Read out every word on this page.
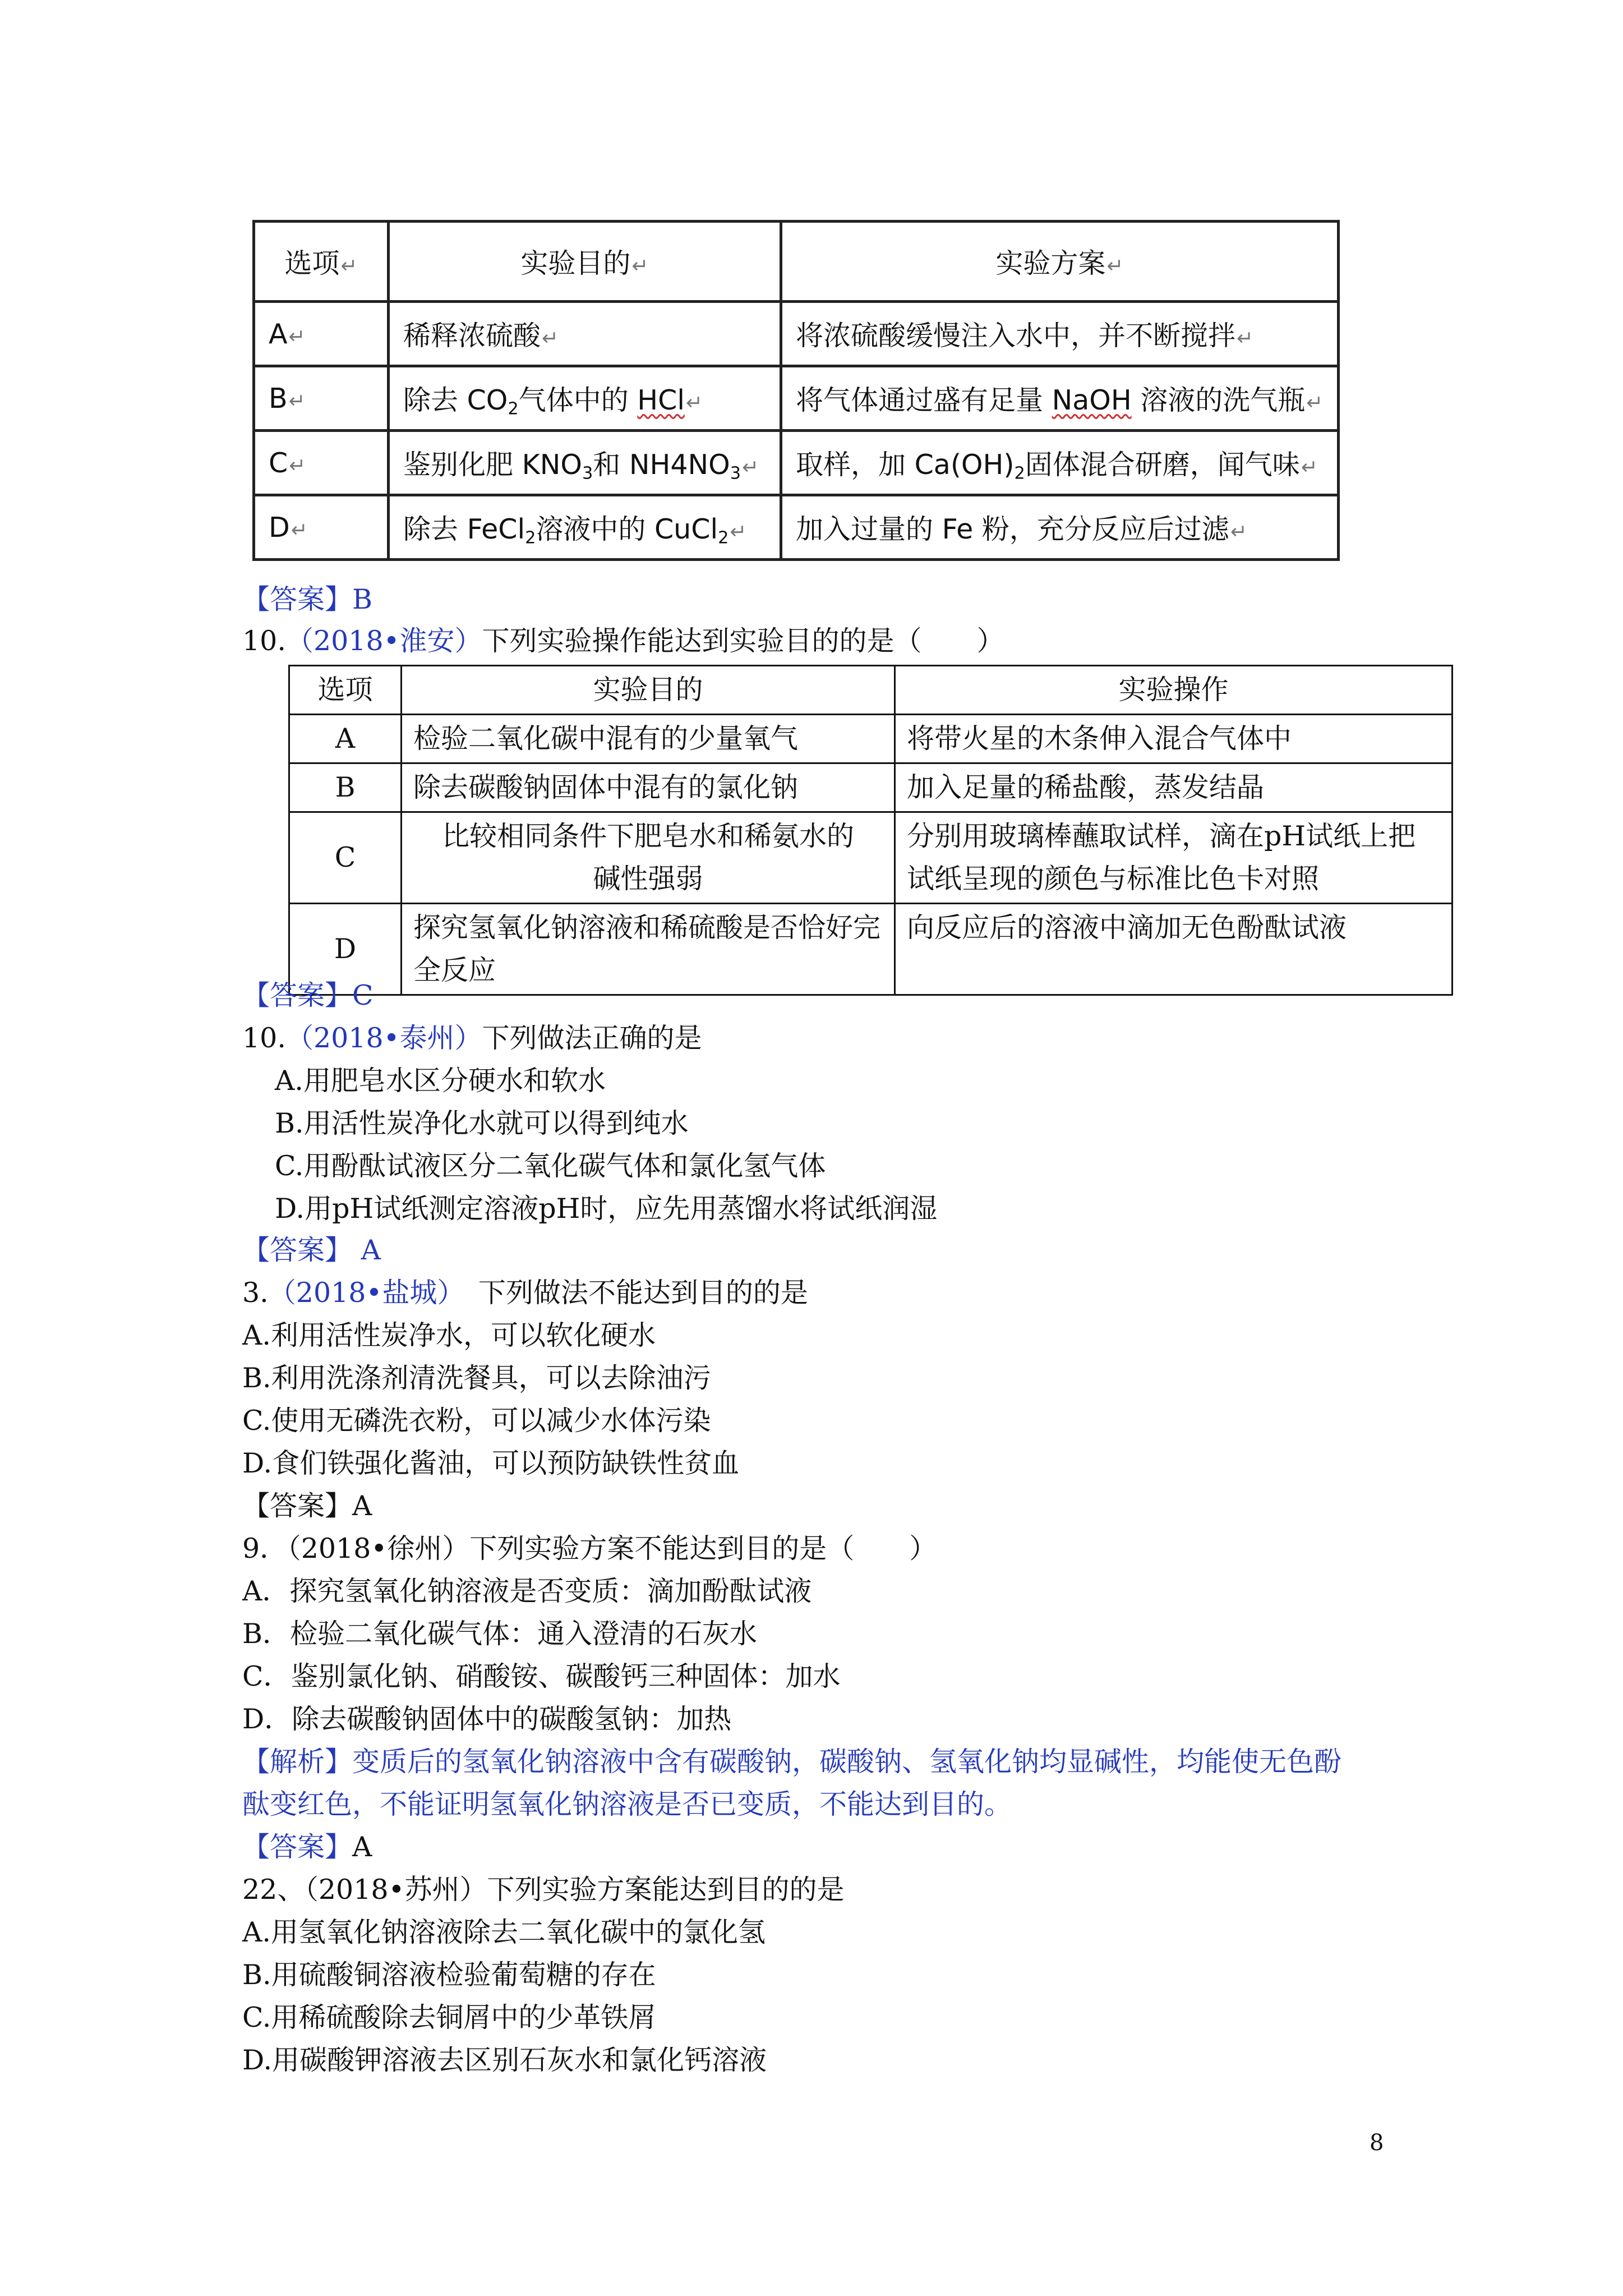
选项↵	实验目的↵	实验方案↵
A↵	稀释浓硫酸↵	将浓硫酸缓慢注入水中，并不断搅拌↵
B↵	除去 $CO_2$气体中的 HCl↵	将气体通过盛有足量 NaOH 溶液的洗气瓶↵
C↵	鉴别化肥 $KNO_3$和 $NH4NO_3↵$	取样，加 $Ca(OH)_2$固体混合研磨，闻气味↵
D↵	除去 FeCl$_2$溶液中的 CuCl$_2$↵	加入过量的 Fe 粉，充分反应后过滤↵
【答案】B
10.（2018•淮安）下列实验操作能达到实验目的的是（　　）
选项	实验目的	实验操作
A	检验二氧化碳中混有的少量氧气	将带火星的木条伸入混合气体中
B	除去碳酸钠固体中混有的氯化钠	加入足量的稀盐酸，蒸发结晶
C	比较相同条件下肥皂水和稀氨水的碱性强弱	分别用玻璃棒蘸取试样，滴在pH试纸上把试纸呈现的颜色与标准比色卡对照
D	探究氢氧化钠溶液和稀硫酸是否恰好完全反应	向反应后的溶液中滴加无色酚酞试液
【答案】C
10.（2018•泰州）下列做法正确的是
A.用肥皂水区分硬水和软水
B.用活性炭净化水就可以得到纯水
C.用酚酞试液区分二氧化碳气体和氯化氢气体
D.用pH试纸测定溶液pH时，应先用蒸馏水将试纸润湿
【答案】 A
3.（2018•盐城）　下列做法不能达到目的的是
A.利用活性炭净水，可以软化硬水
B.利用洗涤剂清洗餐具，可以去除油污
C.使用无磷洗衣粉，可以减少水体污染
D.食们铁强化酱油，可以预防缺铁性贫血
【答案】A
9．（2018•徐州）下列实验方案不能达到目的是（　　）
A．探究氢氧化钠溶液是否变质：滴加酚酞试液
B．检验二氧化碳气体：通入澄清的石灰水
C．鉴别氯化钠、硝酸铵、碳酸钙三种固体：加水
D．除去碳酸钠固体中的碳酸氢钠：加热
【解析】变质后的氢氧化钠溶液中含有碳酸钠，碳酸钠、氢氧化钠均显碱性，均能使无色酚
酞变红色，不能证明氢氧化钠溶液是否已变质，不能达到目的。
【答案】A
22、（2018•苏州）下列实验方案能达到目的的是
A.用氢氧化钠溶液除去二氧化碳中的氯化氢
B.用硫酸铜溶液检验葡萄糖的存在
C.用稀硫酸除去铜屑中的少革铁屑
D.用碳酸钾溶液去区别石灰水和氯化钙溶液
8
